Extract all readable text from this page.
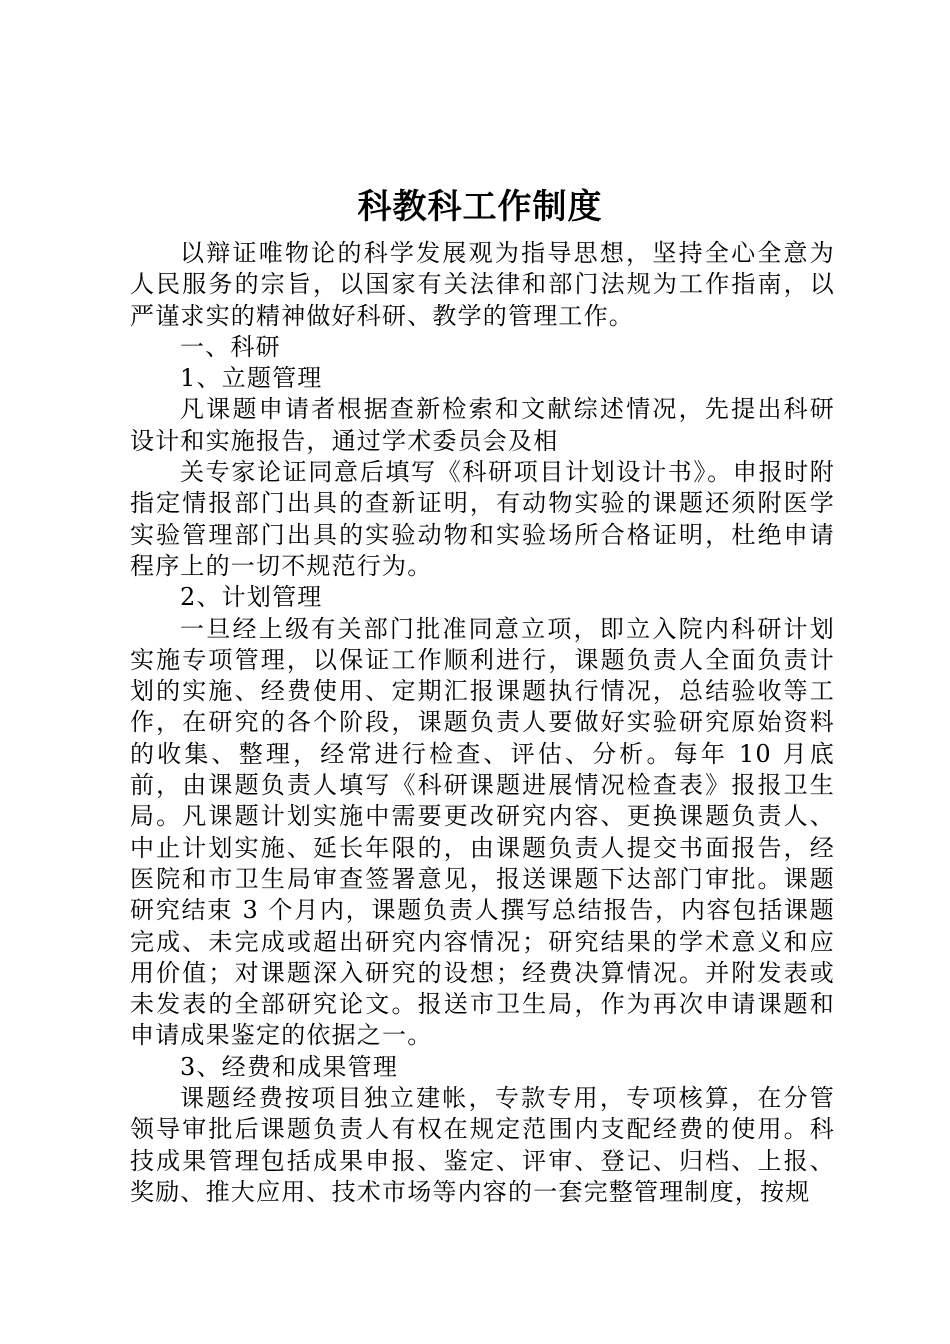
科教科工作制度

以辩证唯物论的科学发展观为指导思想，坚持全心全意为人民服务的宗旨，以国家有关法律和部门法规为工作指南，以严谨求实的精神做好科研、教学的管理工作。

一、科研

1、立题管理

凡课题申请者根据查新检索和文献综述情况，先提出科研设计和实施报告，通过学术委员会及相

关专家论证同意后填写《科研项目计划设计书》。申报时附指定情报部门出具的查新证明，有动物实验的课题还须附医学实验管理部门出具的实验动物和实验场所合格证明，杜绝申请程序上的一切不规范行为。

2、计划管理

一旦经上级有关部门批准同意立项，即立入院内科研计划实施专项管理，以保证工作顺利进行，课题负责人全面负责计划的实施、经费使用、定期汇报课题执行情况，总结验收等工作，在研究的各个阶段，课题负责人要做好实验研究原始资料的收集、整理，经常进行检查、评估、分析。每年 10 月底前，由课题负责人填写《科研课题进展情况检查表》报报卫生局。凡课题计划实施中需要更改研究内容、更换课题负责人、中止计划实施、延长年限的，由课题负责人提交书面报告，经医院和市卫生局审查签署意见，报送课题下达部门审批。课题研究结束 3 个月内，课题负责人撰写总结报告，内容包括课题完成、未完成或超出研究内容情况；研究结果的学术意义和应用价值；对课题深入研究的设想；经费决算情况。并附发表或未发表的全部研究论文。报送市卫生局，作为再次申请课题和申请成果鉴定的依据之一。

3、经费和成果管理

课题经费按项目独立建帐，专款专用，专项核算，在分管领导审批后课题负责人有权在规定范围内支配经费的使用。科技成果管理包括成果申报、鉴定、评审、登记、归档、上报、奖励、推大应用、技术市场等内容的一套完整管理制度，按规
